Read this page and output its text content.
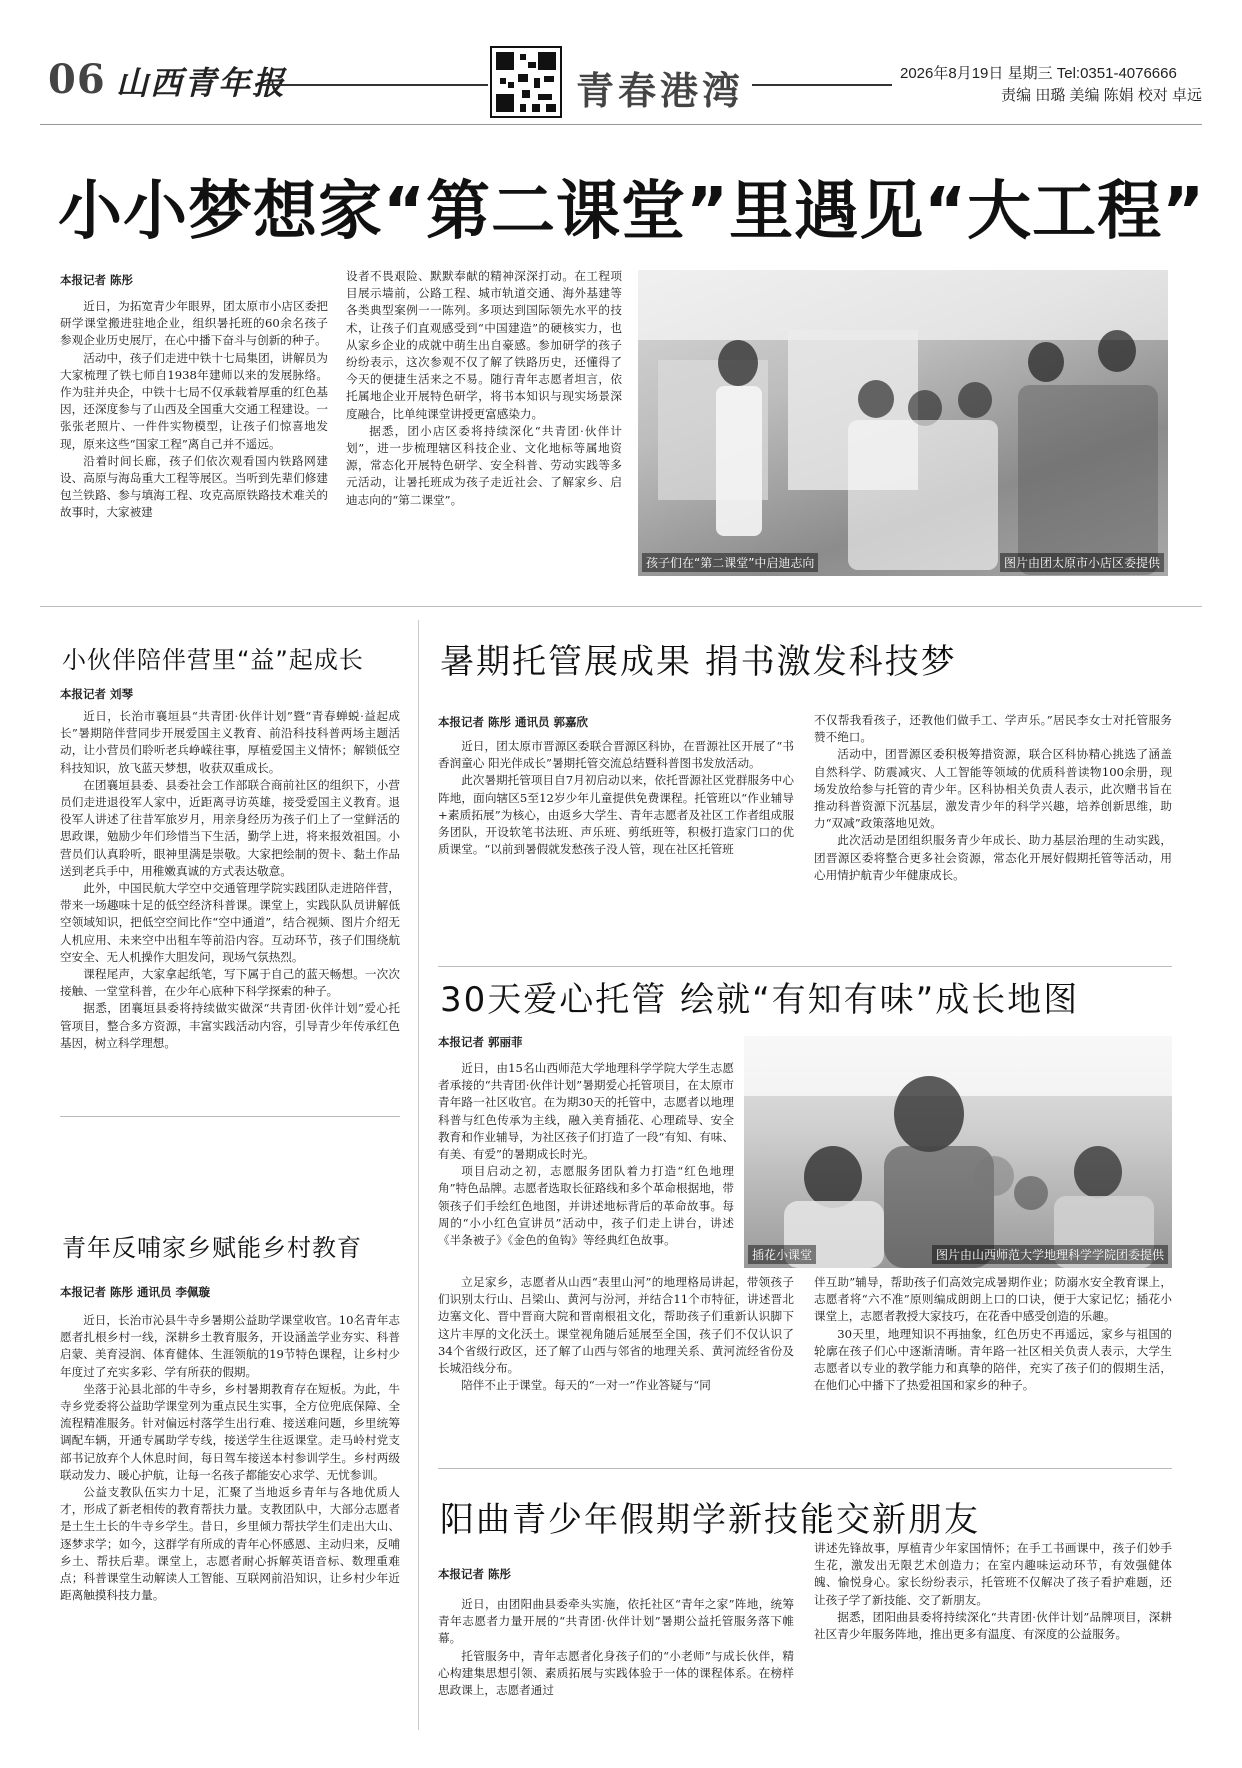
06 山西青年报	青春港湾	2026年8月19日 星期三 Tel:0351-4076666
责编 田璐 美编 陈娟 校对 卓远
小小梦想家“第二课堂”里遇见“大工程”
本报记者 陈彤

近日，为拓宽青少年眼界，团太原市小店区委把研学课堂搬进驻地企业，组织暑托班的60余名孩子参观企业历史展厅，在心中播下奋斗与创新的种子。

活动中，孩子们走进中铁十七局集团，讲解员为大家梳理了铁七师自1938年建师以来的发展脉络。作为驻并央企，中铁十七局不仅承载着厚重的红色基因，还深度参与了山西及全国重大交通工程建设。一张张老照片、一件件实物模型，让孩子们惊喜地发现，原来这些“国家工程”离自己并不遥远。

沿着时间长廊，孩子们依次观看国内铁路网建设、高原与海岛重大工程等展区。当听到先辈们修建包兰铁路、参与填海工程、攻克高原铁路技术难关的故事时，大家被建

设者不畏艰险、默默奉献的精神深深打动。在工程项目展示墙前，公路工程、城市轨道交通、海外基建等各类典型案例一一陈列。多项达到国际领先水平的技术，让孩子们直观感受到“中国建造”的硬核实力，也从家乡企业的成就中萌生出自豪感。参加研学的孩子纷纷表示，这次参观不仅了解了铁路历史，还懂得了今天的便捷生活来之不易。随行青年志愿者坦言，依托属地企业开展特色研学，将书本知识与现实场景深度融合，比单纯课堂讲授更富感染力。

据悉，团小店区委将持续深化“共青团·伙伴计划”，进一步梳理辖区科技企业、文化地标等属地资源，常态化开展特色研学、安全科普、劳动实践等多元活动，让暑托班成为孩子走近社会、了解家乡、启迪志向的“第二课堂”。

孩子们在“第二课堂”中启迪志向	图片由团太原市小店区委提供
小伙伴陪伴营里“益”起成长
本报记者 刘琴

近日，长治市襄垣县“共青团·伙伴计划”暨“青春蝉蜕·益起成长”暑期陪伴营同步开展爱国主义教育、前沿科技科普两场主题活动，让小营员们聆听老兵峥嵘往事，厚植爱国主义情怀；解锁低空科技知识，放飞蓝天梦想，收获双重成长。

在团襄垣县委、县委社会工作部联合商前社区的组织下，小营员们走进退役军人家中，近距离寻访英雄，接受爱国主义教育。退役军人讲述了往昔军旅岁月，用亲身经历为孩子们上了一堂鲜活的思政课，勉励少年们珍惜当下生活，勤学上进，将来报效祖国。小营员们认真聆听，眼神里满是崇敬。大家把绘制的贺卡、黏土作品送到老兵手中，用稚嫩真诚的方式表达敬意。

此外，中国民航大学空中交通管理学院实践团队走进陪伴营，带来一场趣味十足的低空经济科普课。课堂上，实践队队员讲解低空领域知识，把低空空间比作“空中通道”，结合视频、图片介绍无人机应用、未来空中出租车等前沿内容。互动环节，孩子们围绕航空安全、无人机操作大胆发问，现场气氛热烈。

课程尾声，大家拿起纸笔，写下属于自己的蓝天畅想。一次次接触、一堂堂科普，在少年心底种下科学探索的种子。

据悉，团襄垣县委将持续做实做深“共青团·伙伴计划”爱心托管项目，整合多方资源，丰富实践活动内容，引导青少年传承红色基因，树立科学理想。

青年反哺家乡赋能乡村教育
本报记者 陈彤 通讯员 李佩璇

近日，长治市沁县牛寺乡暑期公益助学课堂收官。10名青年志愿者扎根乡村一线，深耕乡土教育服务，开设涵盖学业夯实、科普启蒙、美育浸润、体育健体、生涯领航的19节特色课程，让乡村少年度过了充实多彩、学有所获的假期。

坐落于沁县北部的牛寺乡，乡村暑期教育存在短板。为此，牛寺乡党委将公益助学课堂列为重点民生实事，全方位兜底保障、全流程精准服务。针对偏远村落学生出行难、接送难问题，乡里统筹调配车辆，开通专属助学专线，接送学生往返课堂。走马岭村党支部书记放弃个人休息时间，每日驾车接送本村参训学生。乡村两级联动发力、暖心护航，让每一名孩子都能安心求学、无忧参训。

公益支教队伍实力十足，汇聚了当地返乡青年与各地优质人才，形成了新老相传的教育帮扶力量。支教团队中，大部分志愿者是土生土长的牛寺乡学生。昔日，乡里倾力帮扶学生们走出大山、逐梦求学；如今，这群学有所成的青年心怀感恩、主动归来，反哺乡土、帮扶后辈。课堂上，志愿者耐心拆解英语音标、数理重难点；科普课堂生动解读人工智能、互联网前沿知识，让乡村少年近距离触摸科技力量。

暑期托管展成果 捐书激发科技梦
本报记者 陈彤 通讯员 郭嘉欣

近日，团太原市晋源区委联合晋源区科协，在晋源社区开展了“书香润童心 阳光伴成长”暑期托管交流总结暨科普图书发放活动。

此次暑期托管项目自7月初启动以来，依托晋源社区党群服务中心阵地，面向辖区5至12岁少年儿童提供免费课程。托管班以“作业辅导+素质拓展”为核心，由返乡大学生、青年志愿者及社区工作者组成服务团队，开设软笔书法班、声乐班、剪纸班等，积极打造家门口的优质课堂。“以前到暑假就发愁孩子没人管，现在社区托管班

不仅帮我看孩子，还教他们做手工、学声乐。”居民李女士对托管服务赞不绝口。

活动中，团晋源区委积极筹措资源，联合区科协精心挑选了涵盖自然科学、防震减灾、人工智能等领域的优质科普读物100余册，现场发放给参与托管的青少年。区科协相关负责人表示，此次赠书旨在推动科普资源下沉基层，激发青少年的科学兴趣，培养创新思维，助力“双减”政策落地见效。

此次活动是团组织服务青少年成长、助力基层治理的生动实践，团晋源区委将整合更多社会资源，常态化开展好假期托管等活动，用心用情护航青少年健康成长。

30天爱心托管 绘就“有知有味”成长地图
本报记者 郭丽菲

近日，由15名山西师范大学地理科学学院大学生志愿者承接的“共青团·伙伴计划”暑期爱心托管项目，在太原市青年路一社区收官。在为期30天的托管中，志愿者以地理科普与红色传承为主线，融入美育插花、心理疏导、安全教育和作业辅导，为社区孩子们打造了一段“有知、有味、有美、有爱”的暑期成长时光。

项目启动之初，志愿服务团队着力打造“红色地理角”特色品牌。志愿者选取长征路线和多个革命根据地，带领孩子们手绘红色地图，并讲述地标背后的革命故事。每周的“小小红色宣讲员”活动中，孩子们走上讲台，讲述《半条被子》《金色的鱼钩》等经典红色故事。

插花小课堂	图片由山西师范大学地理科学学院团委提供

立足家乡，志愿者从山西“表里山河”的地理格局讲起，带领孩子们识别太行山、吕梁山、黄河与汾河，并结合11个市特征，讲述晋北边塞文化、晋中晋商大院和晋南根祖文化，帮助孩子们重新认识脚下这片丰厚的文化沃土。课堂视角随后延展至全国，孩子们不仅认识了34个省级行政区，还了解了山西与邻省的地理关系、黄河流经省份及长城沿线分布。

陪伴不止于课堂。每天的“一对一”作业答疑与“同

伴互助”辅导，帮助孩子们高效完成暑期作业；防溺水安全教育课上，志愿者将“六不准”原则编成朗朗上口的口诀，便于大家记忆；插花小课堂上，志愿者教授大家技巧，在花香中感受创造的乐趣。

30天里，地理知识不再抽象，红色历史不再遥远，家乡与祖国的轮廓在孩子们心中逐渐清晰。青年路一社区相关负责人表示，大学生志愿者以专业的教学能力和真挚的陪伴，充实了孩子们的假期生活，在他们心中播下了热爱祖国和家乡的种子。

阳曲青少年假期学新技能交新朋友
本报记者 陈彤

近日，由团阳曲县委牵头实施，依托社区“青年之家”阵地，统筹青年志愿者力量开展的“共青团·伙伴计划”暑期公益托管服务落下帷幕。

托管服务中，青年志愿者化身孩子们的“小老师”与成长伙伴，精心构建集思想引领、素质拓展与实践体验于一体的课程体系。在榜样思政课上，志愿者通过

讲述先锋故事，厚植青少年家国情怀；在手工书画课中，孩子们妙手生花，激发出无限艺术创造力；在室内趣味运动环节，有效强健体魄、愉悦身心。家长纷纷表示，托管班不仅解决了孩子看护难题，还让孩子学了新技能、交了新朋友。

据悉，团阳曲县委将持续深化“共青团·伙伴计划”品牌项目，深耕社区青少年服务阵地，推出更多有温度、有深度的公益服务。
